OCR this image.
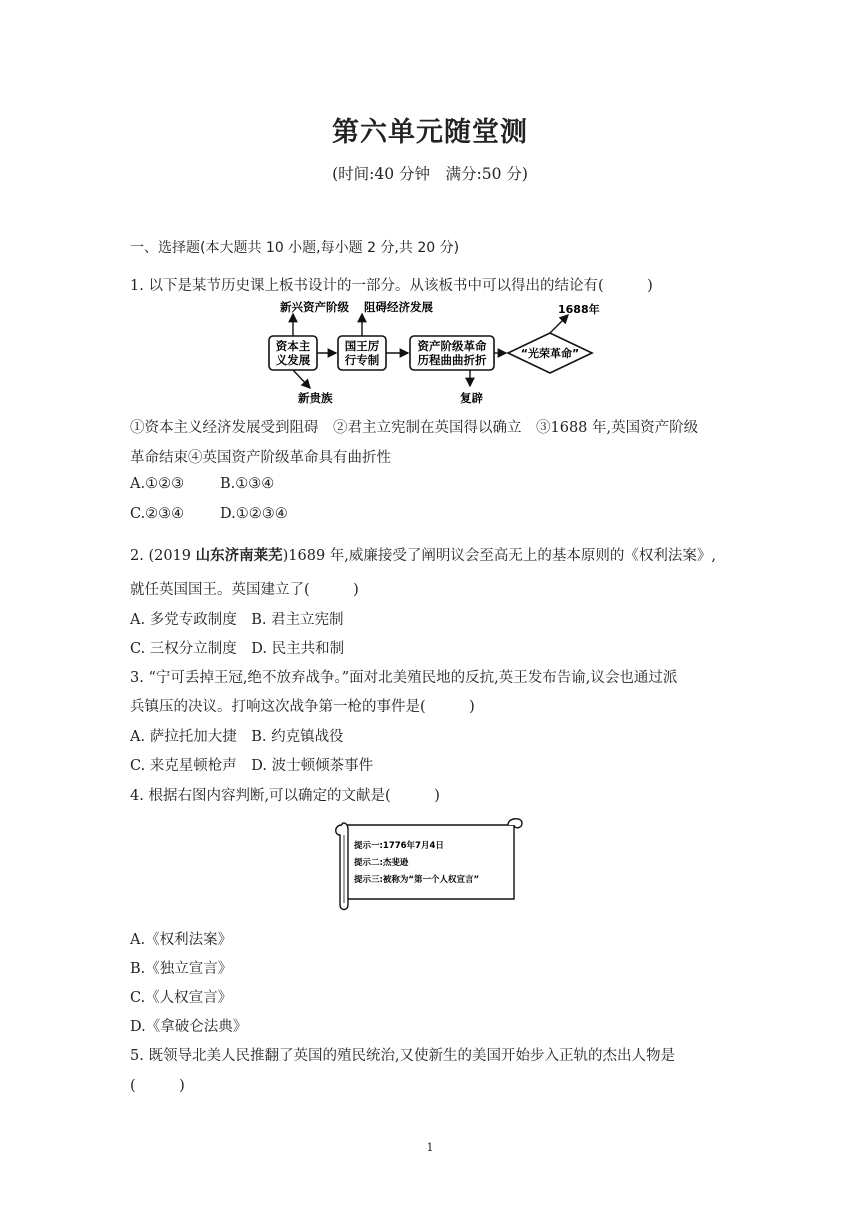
第六单元随堂测
(时间:40 分钟　满分:50 分)
一、选择题(本大题共 10 小题,每小题 2 分,共 20 分)
1. 以下是某节历史课上板书设计的一部分。从该板书中可以得出的结论有(　　　)
新兴资产阶级 阻碍经济发展	1688年
资本主
义发展
国王厉
行专制
资产阶级革命
历程曲曲折折	“光荣革命”
新贵族	复辟
①资本主义经济发展受到阻碍　②君主立宪制在英国得以确立　③1688 年,英国资产阶级
革命结束④英国资产阶级革命具有曲折性
A.①②③ B.①③④
C.②③④ D.①②③④
2. (2019 山东济南莱芜)1689 年,威廉接受了阐明议会至高无上的基本原则的《权利法案》,
就任英国国王。英国建立了(　　　)
A. 多党专政制度　B. 君主立宪制
C. 三权分立制度　D. 民主共和制
3. “宁可丢掉王冠,绝不放弃战争。”面对北美殖民地的反抗,英王发布告谕,议会也通过派
兵镇压的决议。打响这次战争第一枪的事件是(　　　)
A. 萨拉托加大捷　B. 约克镇战役
C. 来克星顿枪声　D. 波士顿倾茶事件
4. 根据右图内容判断,可以确定的文献是(　　　)
提示一:1776年7月4日
提示二:杰斐逊
提示三:被称为“第一个人权宣言”
A.《权利法案》
B.《独立宣言》
C.《人权宣言》
D.《拿破仑法典》
5. 既领导北美人民推翻了英国的殖民统治,又使新生的美国开始步入正轨的杰出人物是
(　　　)
1
